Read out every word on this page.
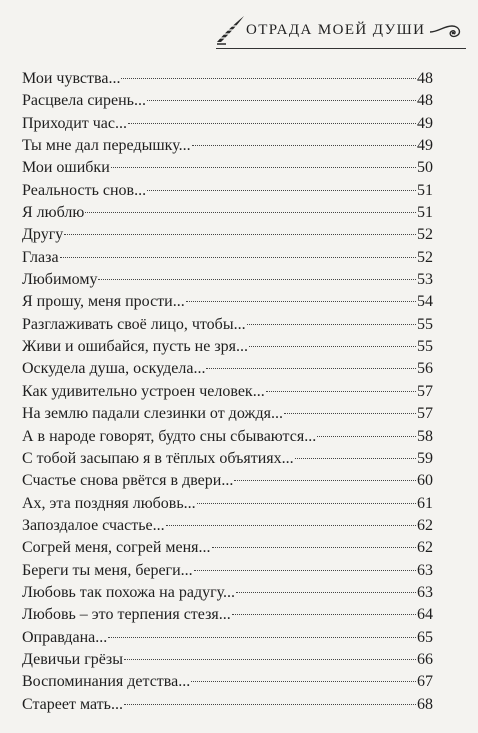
ОТРАДА МОЕЙ ДУШИ
Мои чувства...	48
Расцвела сирень...	48
Приходит час...	49
Ты мне дал передышку...	49
Мои ошибки	50
Реальность снов...	51
Я люблю	51
Другу	52
Глаза	52
Любимому	53
Я прошу, меня прости...	54
Разглаживать своё лицо, чтобы...	55
Живи и ошибайся, пусть не зря...	55
Оскудела душа, оскудела...	56
Как удивительно устроен человек...	57
На землю падали слезинки от дождя...	57
А в народе говорят, будто сны сбываются...	58
С тобой засыпаю я в тёплых объятиях...	59
Счастье снова рвётся в двери...	60
Ах, эта поздняя любовь...	61
Запоздалое счастье...	62
Согрей меня, согрей меня...	62
Береги ты меня, береги...	63
Любовь так похожа на радугу...	63
Любовь – это терпения стезя...	64
Оправдана...	65
Девичьи грёзы	66
Воспоминания детства...	67
Стареет мать...	68
